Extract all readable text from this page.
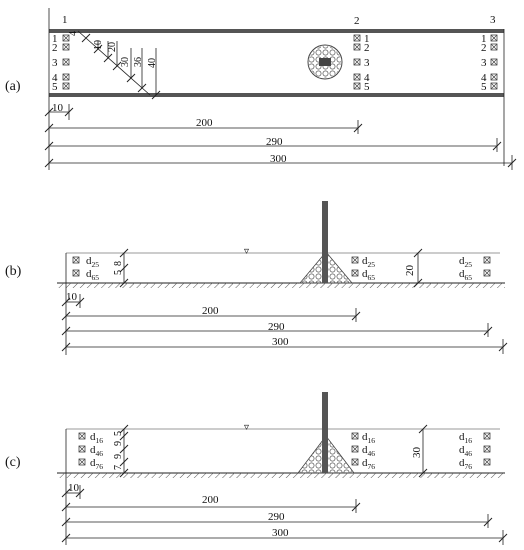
(a)
1	2	3
1
2
3
4
5
1
2
3
4
5
1
2
3
4
5
4
10 20
30 36 40
10
200
290
300
(b)
▿
$d_{25}$
$d_{65}$
8
5
$d_{25}$
$d_{65}$
20
$d_{25}$
$d_{65}$
10
200
290
300
(c)
▿
$d_{16}$
$d_{46}$
$d_{76}$ 7
9
9
5	$d_{16}$
$d_{46}$
$d_{76}$
30
$d_{16}$
$d_{46}$
$d_{76}$
10
200
290
300
